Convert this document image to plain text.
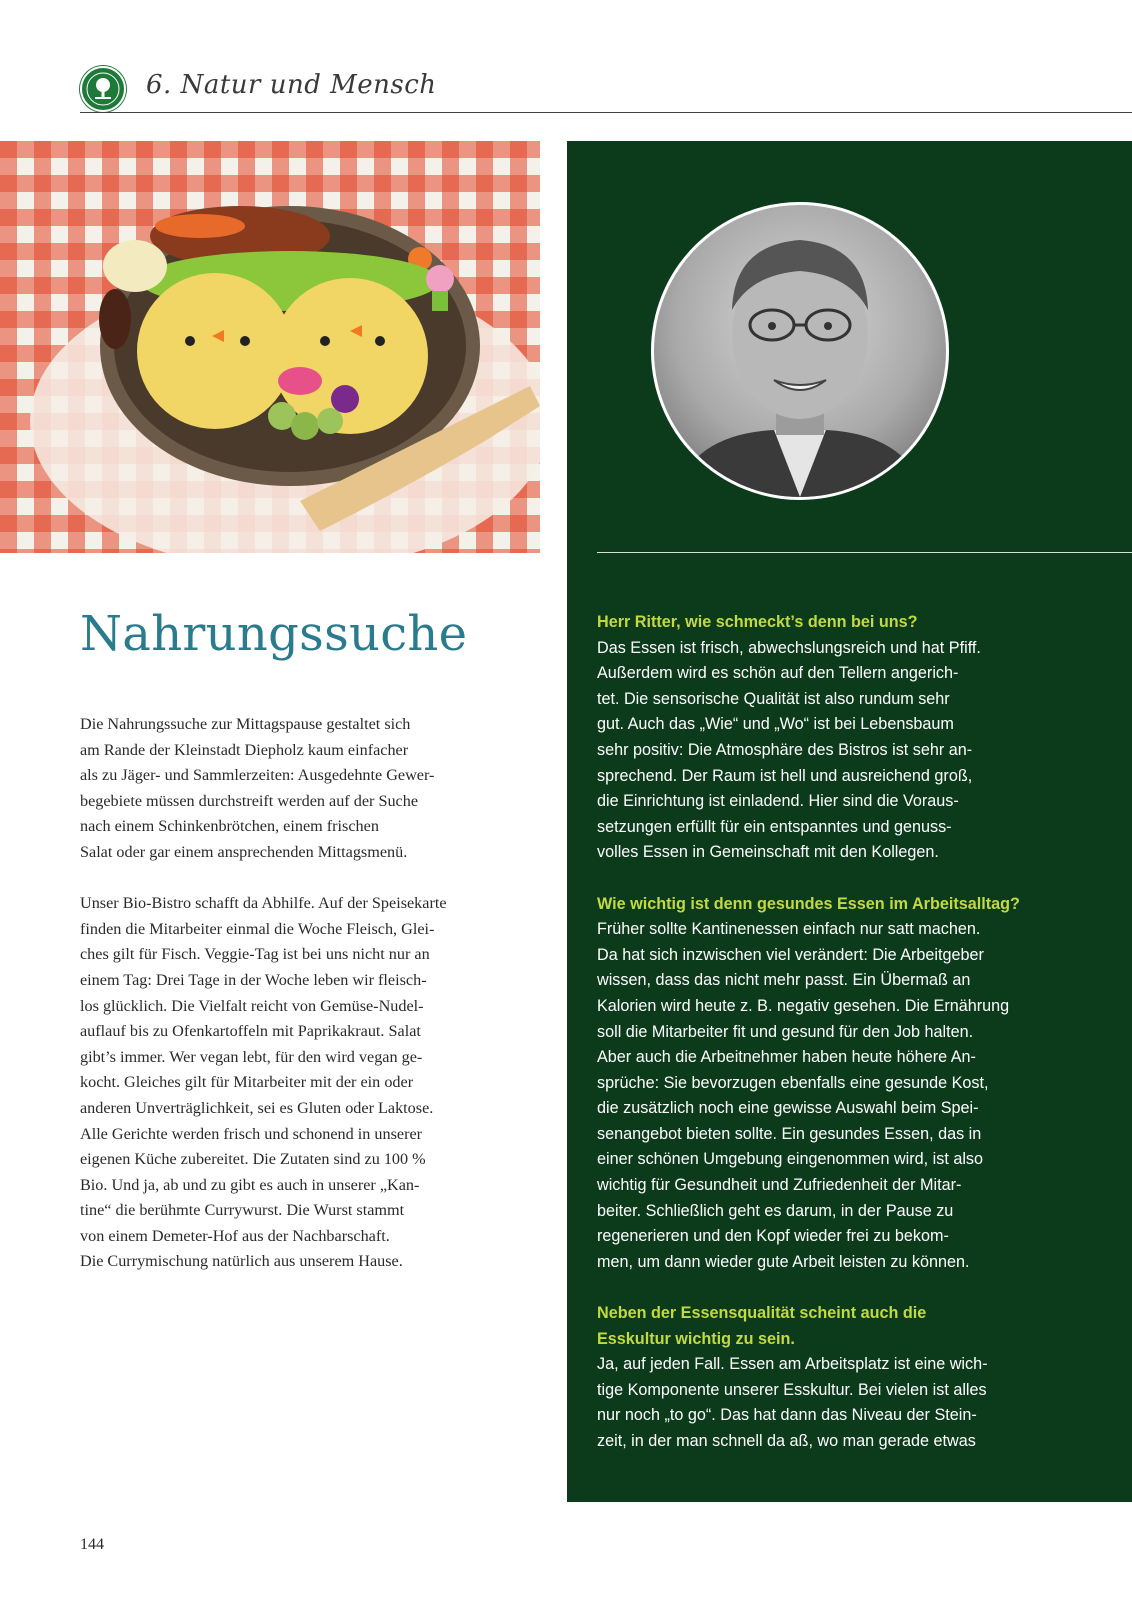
6. Natur und Mensch
Nahrungssuche

Die Nahrungssuche zur Mittagspause gestaltet sich
am Rande der Kleinstadt Diepholz kaum einfacher
als zu Jäger- und Sammlerzeiten: Ausgedehnte Gewer-
begebiete müssen durchstreift werden auf der Suche
nach einem Schinkenbrötchen, einem frischen
Salat oder gar einem ansprechenden Mittagsmenü.

Unser Bio-Bistro schafft da Abhilfe. Auf der Speisekarte
finden die Mitarbeiter einmal die Woche Fleisch, Glei-
ches gilt für Fisch. Veggie-Tag ist bei uns nicht nur an
einem Tag: Drei Tage in der Woche leben wir fleisch-
los glücklich. Die Vielfalt reicht von Gemüse-Nudel-
auflauf bis zu Ofenkartoffeln mit Paprikakraut. Salat
gibt’s immer. Wer vegan lebt, für den wird vegan ge-
kocht. Gleiches gilt für Mitarbeiter mit der ein oder
anderen Unverträglichkeit, sei es Gluten oder Laktose.
Alle Gerichte werden frisch und schonend in unserer
eigenen Küche zubereitet. Die Zutaten sind zu 100 %
Bio. Und ja, ab und zu gibt es auch in unserer „Kan-
tine“ die berühmte Currywurst. Die Wurst stammt
von einem Demeter-Hof aus der Nachbarschaft.
Die Currymischung natürlich aus unserem Hause.

Herr Ritter, wie schmeckt’s denn bei uns?

Das Essen ist frisch, abwechslungsreich und hat Pfiff.
Außerdem wird es schön auf den Tellern angerich-
tet. Die sensorische Qualität ist also rundum sehr
gut. Auch das „Wie“ und „Wo“ ist bei Lebensbaum
sehr positiv: Die Atmosphäre des Bistros ist sehr an-
sprechend. Der Raum ist hell und ausreichend groß,
die Einrichtung ist einladend. Hier sind die Voraus-
setzungen erfüllt für ein entspanntes und genuss-
volles Essen in Gemeinschaft mit den Kollegen.

Wie wichtig ist denn gesundes Essen im Arbeitsalltag?

Früher sollte Kantinenessen einfach nur satt machen.
Da hat sich inzwischen viel verändert: Die Arbeitgeber
wissen, dass das nicht mehr passt. Ein Übermaß an
Kalorien wird heute z. B. negativ gesehen. Die Ernährung
soll die Mitarbeiter fit und gesund für den Job halten.
Aber auch die Arbeitnehmer haben heute höhere An-
sprüche: Sie bevorzugen ebenfalls eine gesunde Kost,
die zusätzlich noch eine gewisse Auswahl beim Spei-
senangebot bieten sollte. Ein gesundes Essen, das in
einer schönen Umgebung eingenommen wird, ist also
wichtig für Gesundheit und Zufriedenheit der Mitar-
beiter. Schließlich geht es darum, in der Pause zu
regenerieren und den Kopf wieder frei zu bekom-
men, um dann wieder gute Arbeit leisten zu können.

Neben der Essensqualität scheint auch die
Esskultur wichtig zu sein.

Ja, auf jeden Fall. Essen am Arbeitsplatz ist eine wich-
tige Komponente unserer Esskultur. Bei vielen ist alles
nur noch „to go“. Das hat dann das Niveau der Stein-
zeit, in der man schnell da aß, wo man gerade etwas

144
